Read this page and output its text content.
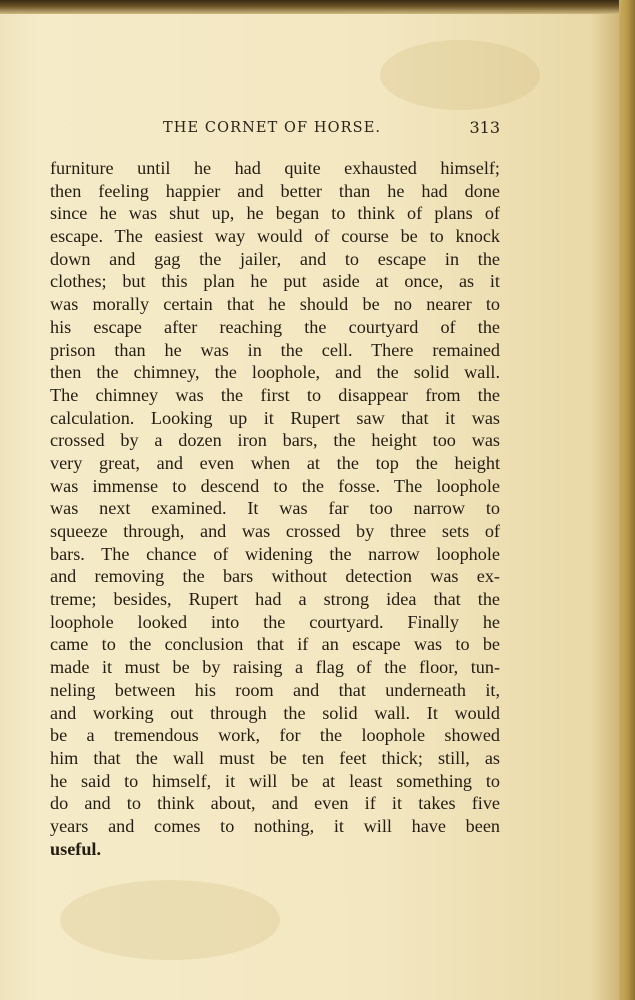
THE CORNET OF HORSE.	313
furniture until he had quite exhausted himself;
then feeling happier and better than he had done
since he was shut up, he began to think of plans of
escape. The easiest way would of course be to knock
down and gag the jailer, and to escape in the
clothes; but this plan he put aside at once, as it
was morally certain that he should be no nearer to
his escape after reaching the courtyard of the
prison than he was in the cell. There remained
then the chimney, the loophole, and the solid wall.
The chimney was the first to disappear from the
calculation. Looking up it Rupert saw that it was
crossed by a dozen iron bars, the height too was
very great, and even when at the top the height
was immense to descend to the fosse. The loophole
was next examined. It was far too narrow to
squeeze through, and was crossed by three sets of
bars. The chance of widening the narrow loophole
and removing the bars without detection was ex-
treme; besides, Rupert had a strong idea that the
loophole looked into the courtyard. Finally he
came to the conclusion that if an escape was to be
made it must be by raising a flag of the floor, tun-
neling between his room and that underneath it,
and working out through the solid wall. It would
be a tremendous work, for the loophole showed
him that the wall must be ten feet thick; still, as
he said to himself, it will be at least something to
do and to think about, and even if it takes five
years and comes to nothing, it will have been
useful.
